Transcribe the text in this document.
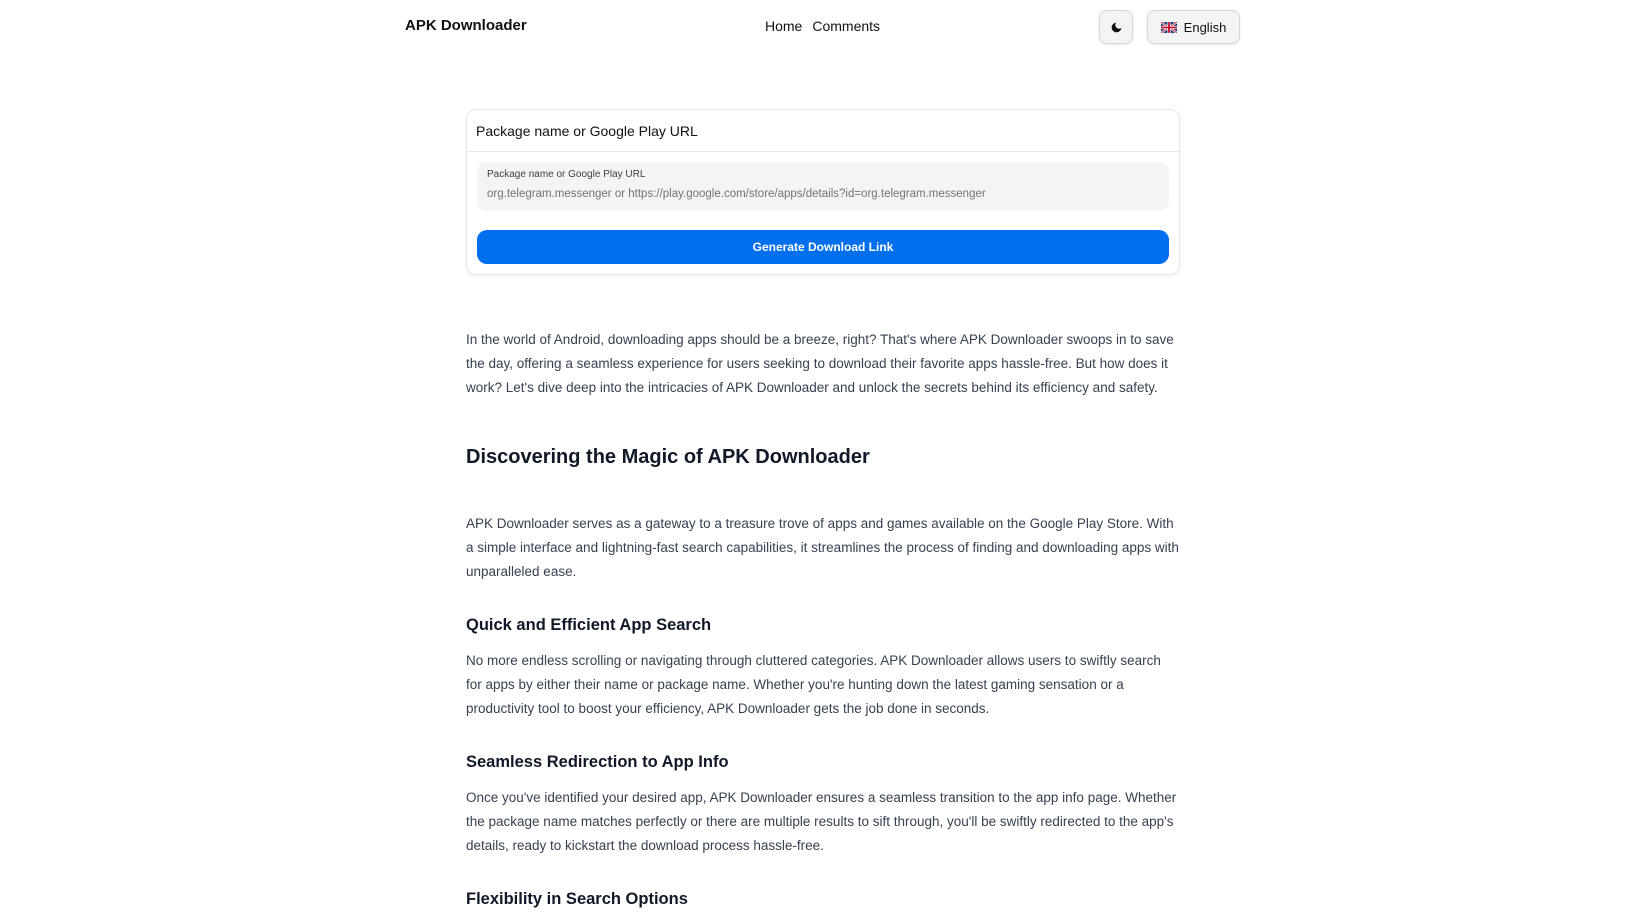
APK Downloader	Home Comments	English
Package name or Google Play URL
Package name or Google Play URL
org.telegram.messenger or https://play.google.com/store/apps/details?id=org.telegram.messenger
Generate Download Link

In the world of Android, downloading apps should be a breeze, right? That's where APK Downloader swoops in to save the day, offering a seamless experience for users seeking to download their favorite apps hassle-free. But how does it work? Let's dive deep into the intricacies of APK Downloader and unlock the secrets behind its efficiency and safety.

Discovering the Magic of APK Downloader

APK Downloader serves as a gateway to a treasure trove of apps and games available on the Google Play Store. With a simple interface and lightning-fast search capabilities, it streamlines the process of finding and downloading apps with unparalleled ease.

Quick and Efficient App Search

No more endless scrolling or navigating through cluttered categories. APK Downloader allows users to swiftly search for apps by either their name or package name. Whether you're hunting down the latest gaming sensation or a productivity tool to boost your efficiency, APK Downloader gets the job done in seconds.

Seamless Redirection to App Info

Once you've identified your desired app, APK Downloader ensures a seamless transition to the app info page. Whether the package name matches perfectly or there are multiple results to sift through, you'll be swiftly redirected to the app's details, ready to kickstart the download process hassle-free.

Flexibility in Search Options
